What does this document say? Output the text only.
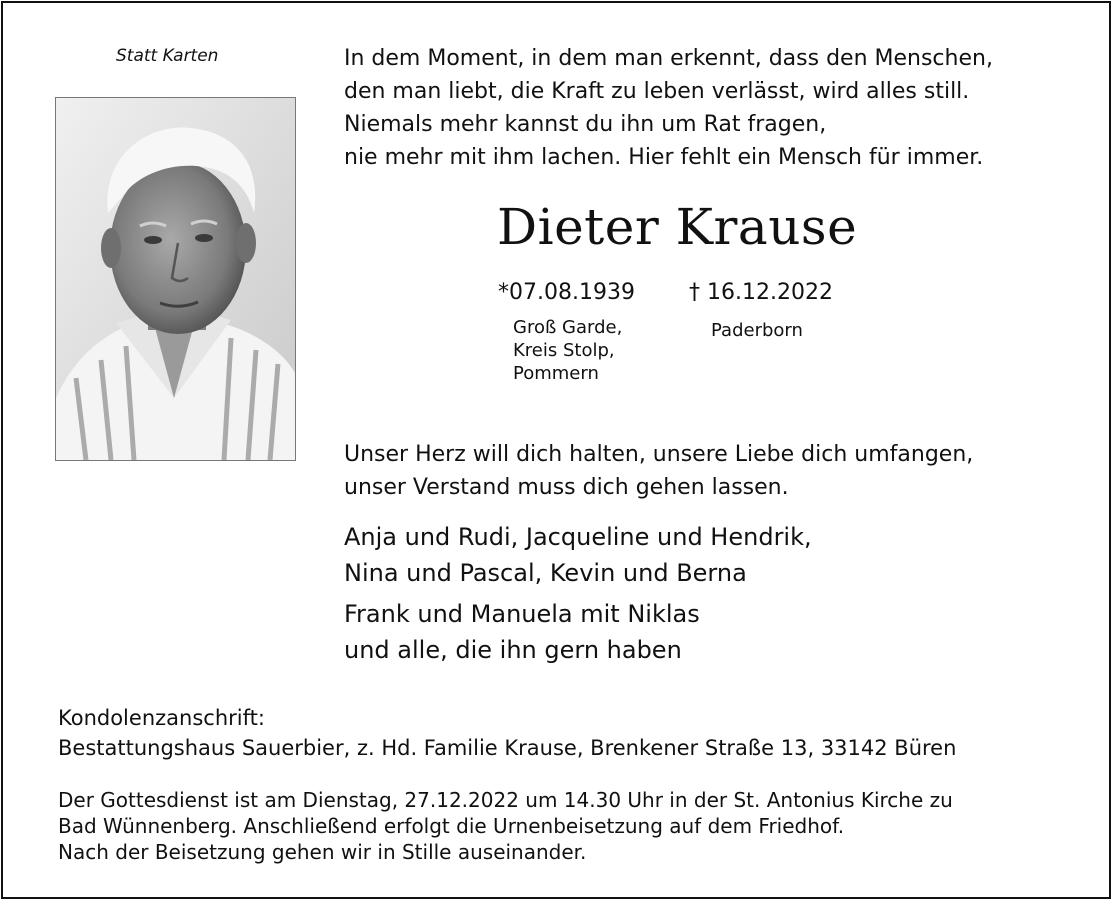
Statt Karten	In dem Moment, in dem man erkennt, dass den Menschen,
den man liebt, die Kraft zu leben verlässt, wird alles still.
Niemals mehr kannst du ihn um Rat fragen,
nie mehr mit ihm lachen. Hier fehlt ein Mensch für immer.
Dieter Krause
*07.08.1939 † 16.12.2022
Groß Garde,
Kreis Stolp,
Pommern
Paderborn
Unser Herz will dich halten, unsere Liebe dich umfangen,
unser Verstand muss dich gehen lassen.
Anja und Rudi, Jacqueline und Hendrik,
Nina und Pascal, Kevin und Berna
Frank und Manuela mit Niklas
und alle, die ihn gern haben
Kondolenzanschrift:
Bestattungshaus Sauerbier, z. Hd. Familie Krause, Brenkener Straße 13, 33142 Büren
Der Gottesdienst ist am Dienstag, 27.12.2022 um 14.30 Uhr in der St. Antonius Kirche zu
Bad Wünnenberg. Anschließend erfolgt die Urnenbeisetzung auf dem Friedhof.
Nach der Beisetzung gehen wir in Stille auseinander.
